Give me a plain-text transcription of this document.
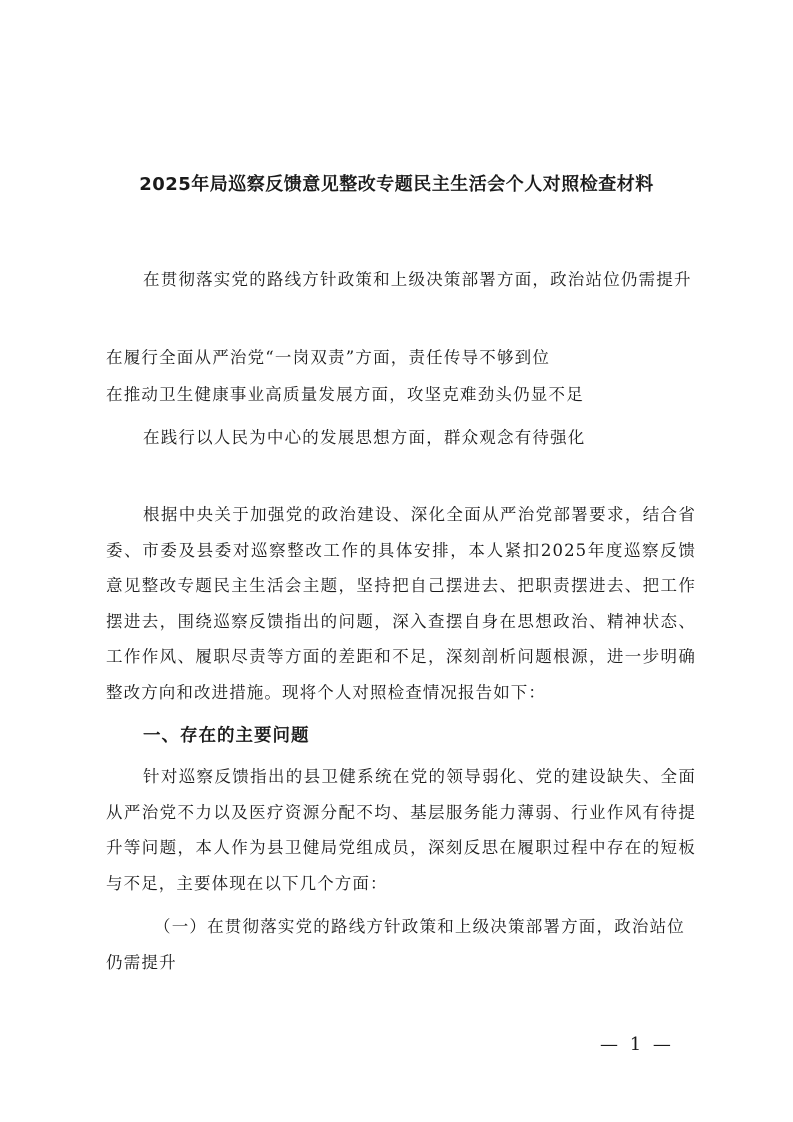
2025年局巡察反馈意见整改专题民主生活会个人对照检查材料

在贯彻落实党的路线方针政策和上级决策部署方面，政治站位仍需提升

在履行全面从严治党“一岗双责”方面，责任传导不够到位

在推动卫生健康事业高质量发展方面，攻坚克难劲头仍显不足

在践行以人民为中心的发展思想方面，群众观念有待强化

根据中央关于加强党的政治建设、深化全面从严治党部署要求，结合省委、市委及县委对巡察整改工作的具体安排，本人紧扣2025年度巡察反馈意见整改专题民主生活会主题，坚持把自己摆进去、把职责摆进去、把工作摆进去，围绕巡察反馈指出的问题，深入查摆自身在思想政治、精神状态、工作作风、履职尽责等方面的差距和不足，深刻剖析问题根源，进一步明确整改方向和改进措施。现将个人对照检查情况报告如下：

一、存在的主要问题

针对巡察反馈指出的县卫健系统在党的领导弱化、党的建设缺失、全面从严治党不力以及医疗资源分配不均、基层服务能力薄弱、行业作风有待提升等问题，本人作为县卫健局党组成员，深刻反思在履职过程中存在的短板与不足，主要体现在以下几个方面：

（一）在贯彻落实党的路线方针政策和上级决策部署方面，政治站位仍需提升

— 1 —
